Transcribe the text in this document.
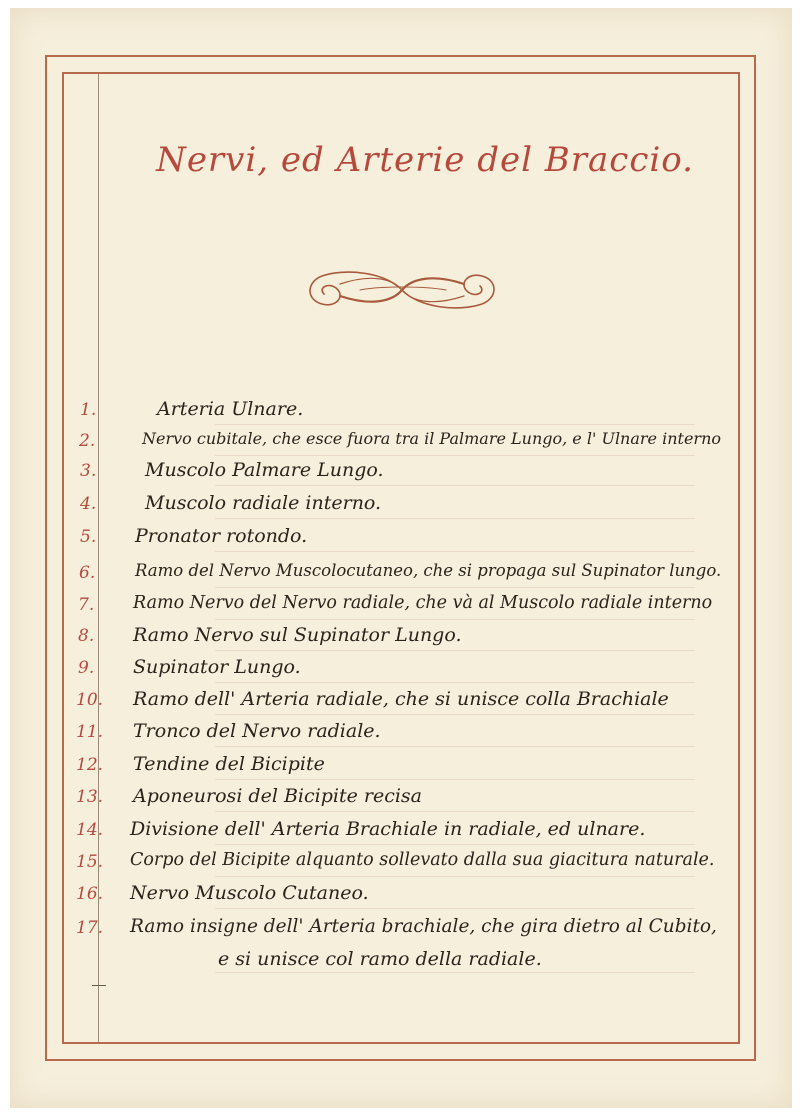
Nervi, ed Arterie del Braccio.
1.	Arteria Ulnare.
2.	Nervo cubitale, che esce fuora tra il Palmare Lungo, e l' Ulnare interno
3.	Muscolo Palmare Lungo.
4.	Muscolo radiale interno.
5.	Pronator rotondo.
6.	Ramo del Nervo Muscolocutaneo, che si propaga sul Supinator lungo.
7.	Ramo Nervo del Nervo radiale, che và al Muscolo radiale interno
8.	Ramo Nervo sul Supinator Lungo.
9.	Supinator Lungo.
10.	Ramo dell' Arteria radiale, che si unisce colla Brachiale
11.	Tronco del Nervo radiale.
12.	Tendine del Bicipite
13.	Aponeurosi del Bicipite recisa
14.	Divisione dell' Arteria Brachiale in radiale, ed ulnare.
15.	Corpo del Bicipite alquanto sollevato dalla sua giacitura naturale.
16.	Nervo Muscolo Cutaneo.
17.	Ramo insigne dell' Arteria brachiale, che gira dietro al Cubito,
e si unisce col ramo della radiale.
